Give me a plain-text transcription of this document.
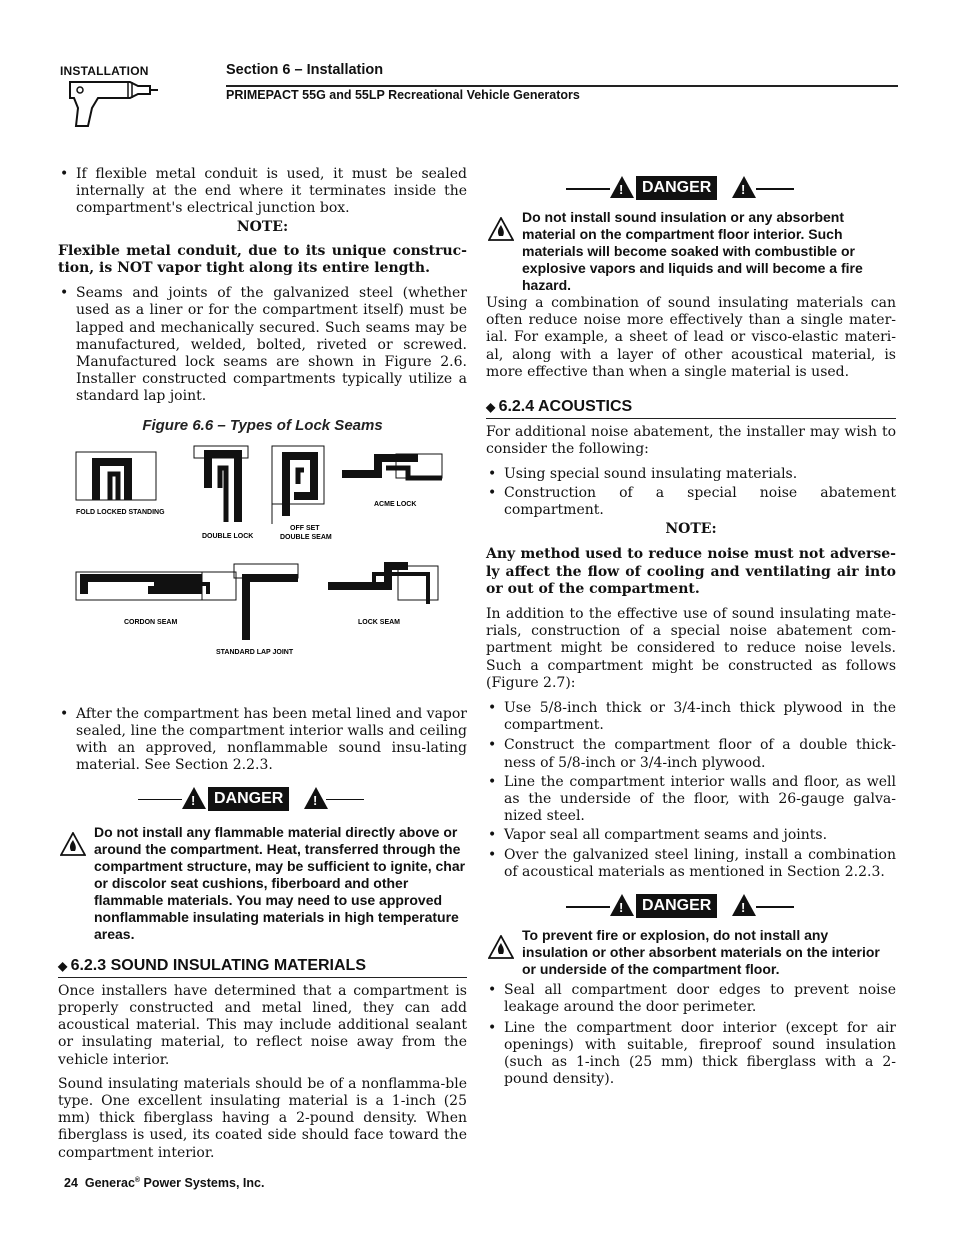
INSTALLATION	Section 6 – Installation
PRIMEPACT 55G and 55LP Recreational Vehicle Generators

• If flexible metal conduit is used, it must be sealed internally at the end where it terminates inside the compartment's electrical junction box.

NOTE:

Flexible metal conduit, due to its unique construc-tion, is NOT vapor tight along its entire length.

• Seams and joints of the galvanized steel (whether used as a liner or for the compartment itself) must be lapped and mechanically secured. Such seams may be manufactured, welded, bolted, riveted or screwed. Manufactured lock seams are shown in Figure 2.6. Installer constructed compartments typically utilize a standard lap joint.

Figure 6.6 – Types of Lock Seams

FOLD LOCKED STANDING
DOUBLE LOCK
OFF SET
DOUBLE SEAM
ACME LOCK
CORDON SEAM
STANDARD LAP JOINT
LOCK SEAM

• After the compartment has been metal lined and vapor sealed, line the compartment interior walls and ceiling with an approved, nonflammable sound insu-lating material. See Section 2.2.3.

!	DANGER	!

Do not install any flammable material directly above or around the compartment. Heat, transferred through the compartment structure, may be sufficient to ignite, char or discolor seat cushions, fiberboard and other flammable materials. You may need to use approved nonflammable insulating materials in high temperature areas.

◆ 6.2.3 SOUND INSULATING MATERIALS

Once installers have determined that a compartment is properly constructed and metal lined, they can add acoustical material. This may include additional sealant or insulating material, to reflect noise away from the vehicle interior.

Sound insulating materials should be of a nonflamma-ble type. One excellent insulating material is a 1-inch (25 mm) thick fiberglass having a 2-pound density. When fiberglass is used, its coated side should face toward the compartment interior.

!	DANGER	!

Do not install sound insulation or any absorbent material on the compartment floor interior. Such materials will become soaked with combustible or explosive vapors and liquids and will become a fire hazard.

Using a combination of sound insulating materials can often reduce noise more effectively than a single mater-ial. For example, a sheet of lead or visco-elastic materi-al, along with a layer of other acoustical material, is more effective than when a single material is used.

◆ 6.2.4 ACOUSTICS

For additional noise abatement, the installer may wish to consider the following:

• Using special sound insulating materials.

• Construction of a special noise abatement compartment.

NOTE:

Any method used to reduce noise must not adverse-ly affect the flow of cooling and ventilating air into or out of the compartment.

In addition to the effective use of sound insulating mate-rials, construction of a special noise abatement com-partment might be considered to reduce noise levels. Such a compartment might be constructed as follows (Figure 2.7):

• Use 5/8-inch thick or 3/4-inch thick plywood in the compartment.

• Construct the compartment floor of a double thick-ness of 5/8-inch or 3/4-inch plywood.

• Line the compartment interior walls and floor, as well as the underside of the floor, with 26-gauge galva-nized steel.

• Vapor seal all compartment seams and joints.

• Over the galvanized steel lining, install a combination of acoustical materials as mentioned in Section 2.2.3.

!	DANGER	!

To prevent fire or explosion, do not install any insulation or other absorbent materials on the interior or underside of the compartment floor.

• Seal all compartment door edges to prevent noise leakage around the door perimeter.

• Line the compartment door interior (except for air openings) with suitable, fireproof sound insulation (such as 1-inch (25 mm) thick fiberglass with a 2-pound density).

24 Generac® Power Systems, Inc.
